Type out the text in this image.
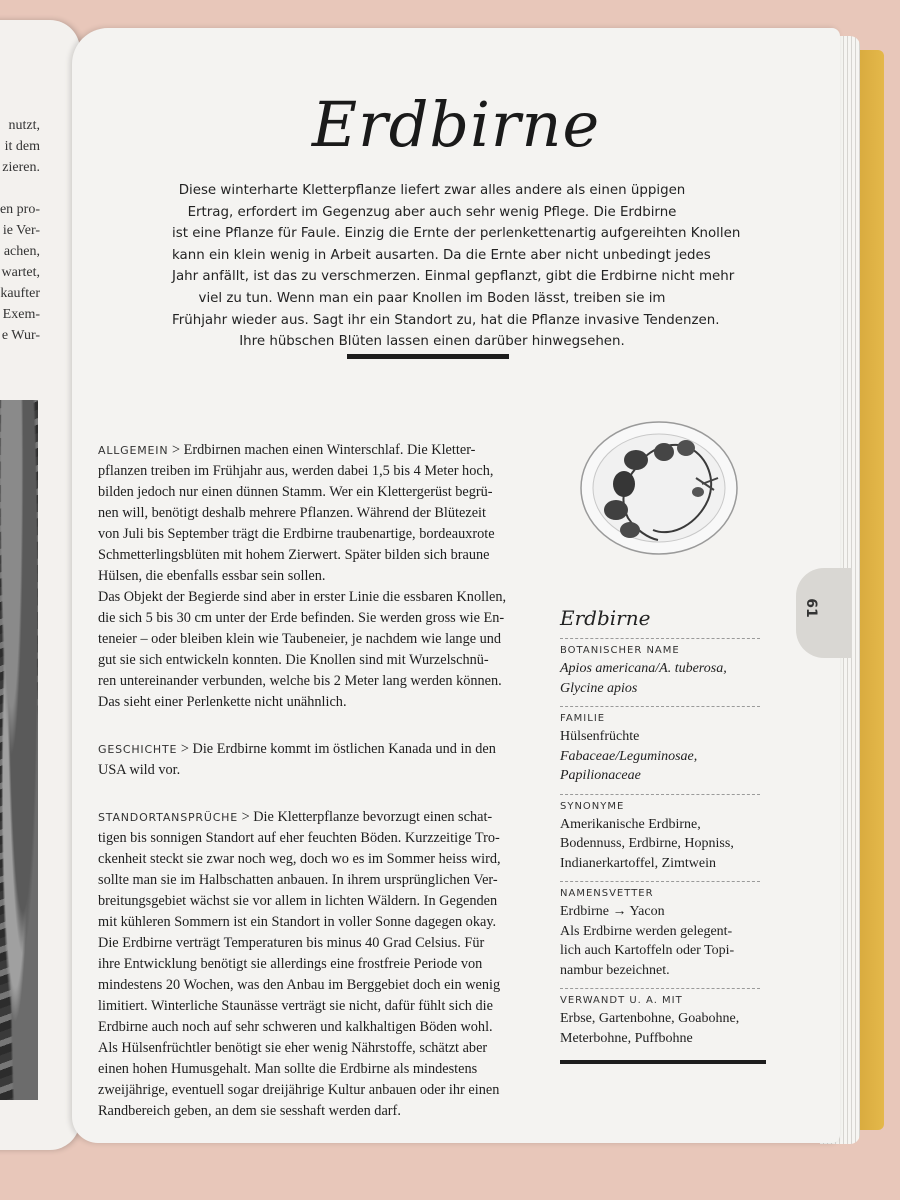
nutzt,
it dem
zieren.

en pro-
ie Ver-
achen,
wartet,
kaufter
Exem-
e Wur-
Erdbirne
Diese winterharte Kletterpflanze liefert zwar alles andere als einen üppigen
Ertrag, erfordert im Gegenzug aber auch sehr wenig Pflege. Die Erdbirne
ist eine Pflanze für Faule. Einzig die Ernte der perlenkettenartig aufgereihten Knollen
kann ein klein wenig in Arbeit ausarten. Da die Ernte aber nicht unbedingt jedes
Jahr anfällt, ist das zu verschmerzen. Einmal gepflanzt, gibt die Erdbirne nicht mehr
viel zu tun. Wenn man ein paar Knollen im Boden lässt, treiben sie im
Frühjahr wieder aus. Sagt ihr ein Standort zu, hat die Pflanze invasive Tendenzen.
Ihre hübschen Blüten lassen einen darüber hinwegsehen.
ALLGEMEIN > Erdbirnen machen einen Winterschlaf. Die Kletter-
pflanzen treiben im Frühjahr aus, werden dabei 1,5 bis 4 Meter hoch,
bilden jedoch nur einen dünnen Stamm. Wer ein Klettergerüst begrü-
nen will, benötigt deshalb mehrere Pflanzen. Während der Blütezeit
von Juli bis September trägt die Erdbirne traubenartige, bordeauxrote
Schmetterlingsblüten mit hohem Zierwert. Später bilden sich braune
Hülsen, die ebenfalls essbar sein sollen.
Das Objekt der Begierde sind aber in erster Linie die essbaren Knollen,
die sich 5 bis 30 cm unter der Erde befinden. Sie werden gross wie En-
teneier – oder bleiben klein wie Taubeneier, je nachdem wie lange und
gut sie sich entwickeln konnten. Die Knollen sind mit Wurzelschnü-
ren untereinander verbunden, welche bis 2 Meter lang werden können.
Das sieht einer Perlenkette nicht unähnlich.
GESCHICHTE > Die Erdbirne kommt im östlichen Kanada und in den
USA wild vor.
STANDORTANSPRÜCHE > Die Kletterpflanze bevorzugt einen schat-
tigen bis sonnigen Standort auf eher feuchten Böden. Kurzzeitige Tro-
ckenheit steckt sie zwar noch weg, doch wo es im Sommer heiss wird,
sollte man sie im Halbschatten anbauen. In ihrem ursprünglichen Ver-
breitungsgebiet wächst sie vor allem in lichten Wäldern. In Gegenden
mit kühleren Sommern ist ein Standort in voller Sonne dagegen okay.
Die Erdbirne verträgt Temperaturen bis minus 40 Grad Celsius. Für
ihre Entwicklung benötigt sie allerdings eine frostfreie Periode von
mindestens 20 Wochen, was den Anbau im Berggebiet doch ein wenig
limitiert. Winterliche Staunässe verträgt sie nicht, dafür fühlt sich die
Erdbirne auch noch auf sehr schweren und kalkhaltigen Böden wohl.
Als Hülsenfrüchtler benötigt sie eher wenig Nährstoffe, schätzt aber
einen hohen Humusgehalt. Man sollte die Erdbirne als mindestens
zweijährige, eventuell sogar dreijährige Kultur anbauen oder ihr einen
Randbereich geben, an dem sie sesshaft werden darf.
61
Erdbirne
BOTANISCHER NAME
Apios americana/A. tuberosa,
Glycine apios
FAMILIE
Hülsenfrüchte
Fabaceae/Leguminosae,
Papilionaceae
SYNONYME
Amerikanische Erdbirne,
Bodennuss, Erdbirne, Hopniss,
Indianerkartoffel, Zimtwein
NAMENSVETTER
Erdbirne → Yacon
Als Erdbirne werden gelegent-
lich auch Kartoffeln oder Topi-
nambur bezeichnet.
VERWANDT U. A. MIT
Erbse, Gartenbohne, Goabohne,
Meterbohne, Puffbohne
